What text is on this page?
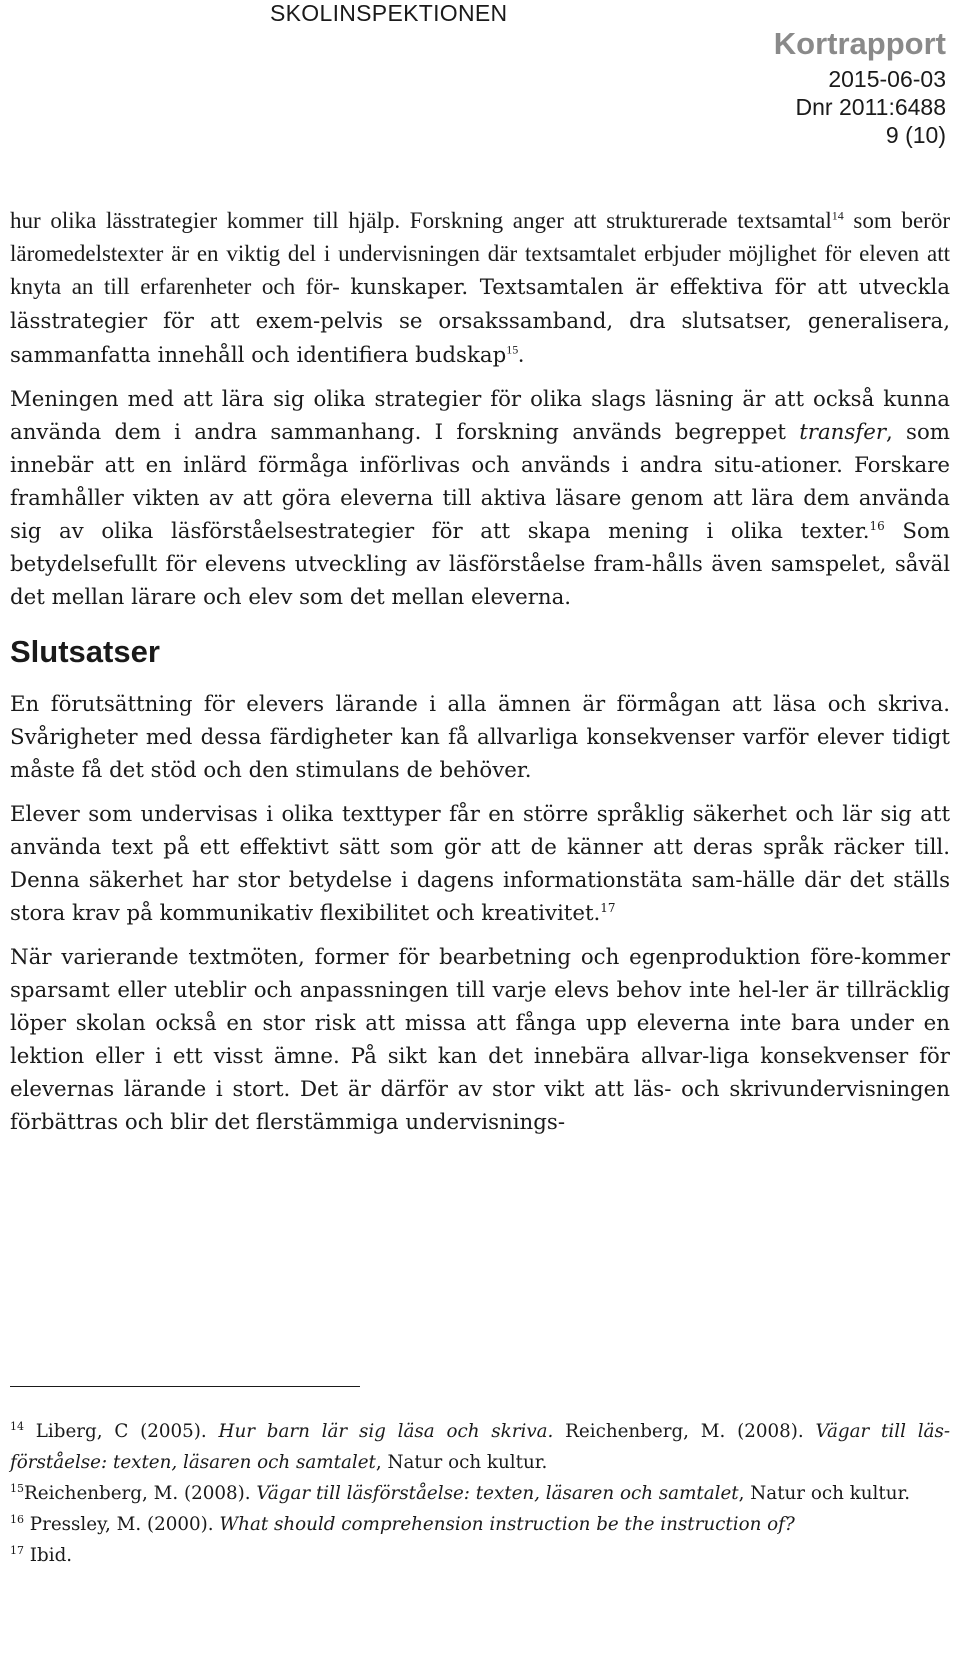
SKOLINSPEKTIONEN
Kortrapport
2015-06-03
Dnr 2011:6488
9 (10)

hur olika lässtrategier kommer till hjälp. Forskning anger att strukturerade textsamtal$^{14}$ som berör läromedelstexter är en viktig del i undervisningen där textsamtalet erbjuder möjlighet för eleven att knyta an till erfarenheter och för- kunskaper. Textsamtalen är effektiva för att utveckla lässtrategier för att exem-pelvis se orsakssamband, dra slutsatser, generalisera, sammanfatta innehåll och identifiera budskap$^{15}$.

Meningen med att lära sig olika strategier för olika slags läsning är att också kunna använda dem i andra sammanhang. I forskning används begreppet transfer, som innebär att en inlärd förmåga införlivas och används i andra situ-ationer. Forskare framhåller vikten av att göra eleverna till aktiva läsare genom att lära dem använda sig av olika läsförståelsestrategier för att skapa mening i olika texter.$^{16}$ Som betydelsefullt för elevens utveckling av läsförståelse fram-hålls även samspelet, såväl det mellan lärare och elev som det mellan eleverna.

Slutsatser

En förutsättning för elevers lärande i alla ämnen är förmågan att läsa och skriva. Svårigheter med dessa färdigheter kan få allvarliga konsekvenser varför elever tidigt måste få det stöd och den stimulans de behöver.

Elever som undervisas i olika texttyper får en större språklig säkerhet och lär sig att använda text på ett effektivt sätt som gör att de känner att deras språk räcker till. Denna säkerhet har stor betydelse i dagens informationstäta sam-hälle där det ställs stora krav på kommunikativ flexibilitet och kreativitet.$^{17}$

När varierande textmöten, former för bearbetning och egenproduktion före-kommer sparsamt eller uteblir och anpassningen till varje elevs behov inte hel-ler är tillräcklig löper skolan också en stor risk att missa att fånga upp eleverna inte bara under en lektion eller i ett visst ämne. På sikt kan det innebära allvar-liga konsekvenser för elevernas lärande i stort. Det är därför av stor vikt att läs- och skrivundervisningen förbättras och blir det flerstämmiga undervisnings-

$^{14}$ Liberg, C (2005). Hur barn lär sig läsa och skriva. Reichenberg, M. (2008). Vägar till läs-förståelse: texten, läsaren och samtalet, Natur och kultur.

$^{15}$Reichenberg, M. (2008). Vägar till läsförståelse: texten, läsaren och samtalet, Natur och kultur.

$^{16}$ Pressley, M. (2000). What should comprehension instruction be the instruction of?

$^{17}$ Ibid.
